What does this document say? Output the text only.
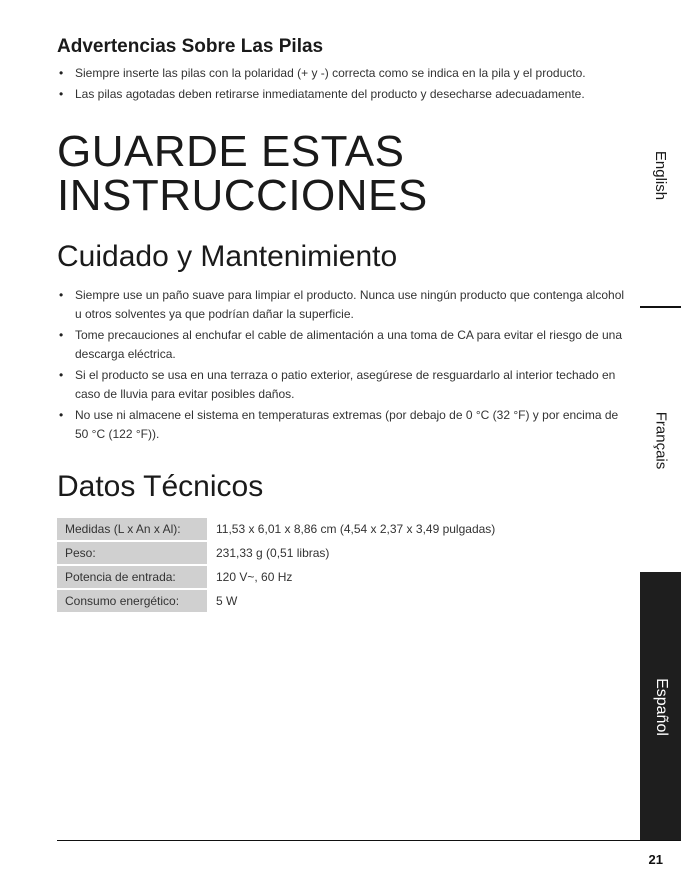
Advertencias Sobre Las Pilas
• Siempre inserte las pilas con la polaridad (+ y -) correcta como se indica en la pila y el producto.
• Las pilas agotadas deben retirarse inmediatamente del producto y desecharse adecuadamente.
GUARDE ESTAS
INSTRUCCIONES
Cuidado y Mantenimiento
• Siempre use un paño suave para limpiar el producto. Nunca use ningún producto que contenga alcohol u otros solventes ya que podrían dañar la superficie.
• Tome precauciones al enchufar el cable de alimentación a una toma de CA para evitar el riesgo de una descarga eléctrica.
• Si el producto se usa en una terraza o patio exterior, asegúrese de resguardarlo al interior techado en caso de lluvia para evitar posibles daños.
• No use ni almacene el sistema en temperaturas extremas (por debajo de 0 °C (32 °F) y por encima de 50 °C (122 °F)).
Datos Técnicos
Medidas (L x An x Al):	11,53 x 6,01 x 8,86 cm (4,54 x 2,37 x 3,49 pulgadas)
Peso:	231,33 g (0,51 libras)
Potencia de entrada:	120 V~, 60 Hz
Consumo energético:	5 W
English
Français
Español
21
